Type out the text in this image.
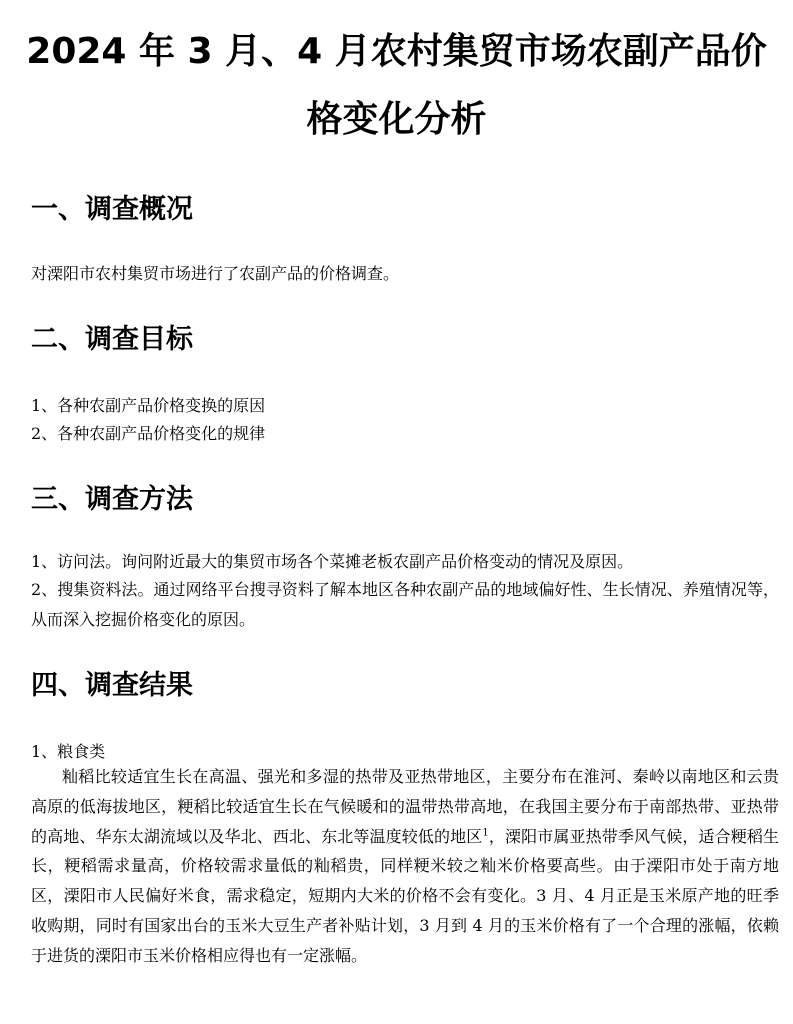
2024 年 3 月、4 月农村集贸市场农副产品价
格变化分析
一、调查概况
对溧阳市农村集贸市场进行了农副产品的价格调查。
二、调查目标
1、各种农副产品价格变换的原因
2、各种农副产品价格变化的规律
三、调查方法
1、访问法。询问附近最大的集贸市场各个菜摊老板农副产品价格变动的情况及原因。

2、搜集资料法。通过网络平台搜寻资料了解本地区各种农副产品的地域偏好性、生长情况、养殖情况等，从而深入挖掘价格变化的原因。

四、调查结果
1、粮食类

籼稻比较适宜生长在高温、强光和多湿的热带及亚热带地区，主要分布在淮河、秦岭以南地区和云贵高原的低海拔地区，粳稻比较适宜生长在气候暖和的温带热带高地，在我国主要分布于南部热带、亚热带的高地、华东太湖流域以及华北、西北、东北等温度较低的地区$^1$，溧阳市属亚热带季风气候，适合粳稻生长，粳稻需求量高，价格较需求量低的籼稻贵，同样粳米较之籼米价格要高些。由于溧阳市处于南方地区，溧阳市人民偏好米食，需求稳定，短期内大米的价格不会有变化。3 月、4 月正是玉米原产地的旺季收购期，同时有国家出台的玉米大豆生产者补贴计划，3 月到 4 月的玉米价格有了一个合理的涨幅，依赖于进货的溧阳市玉米价格相应得也有一定涨幅。
